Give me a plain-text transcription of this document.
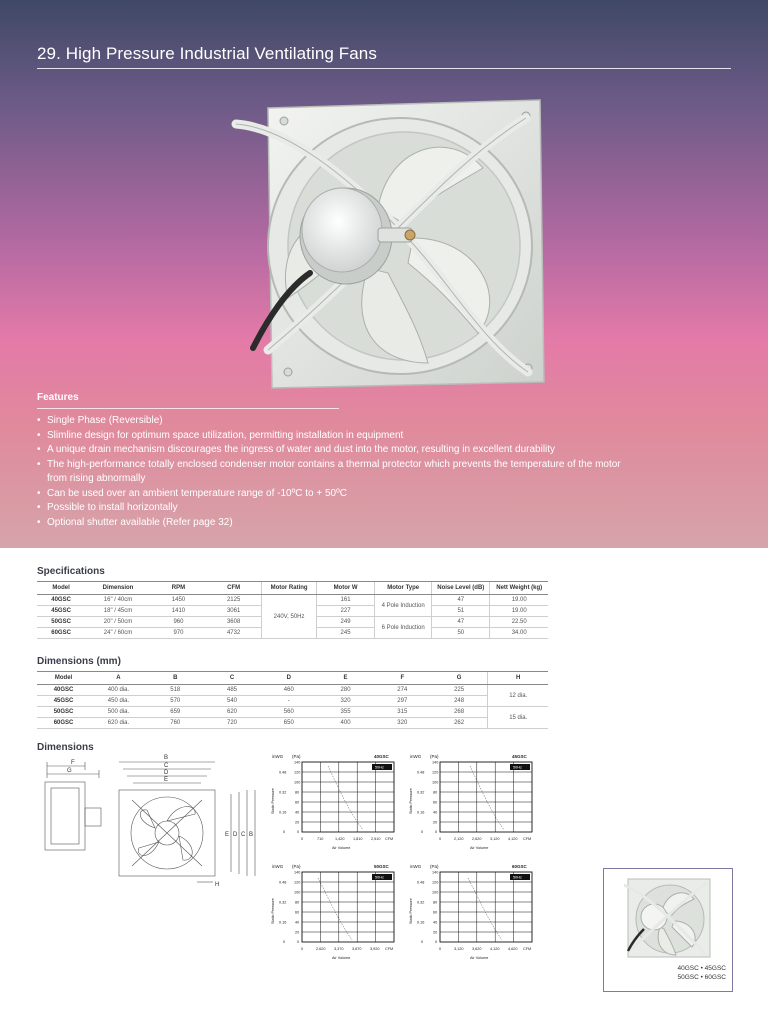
29. High Pressure Industrial Ventilating Fans
Features
• Single Phase (Reversible)
• Slimline design for optimum space utilization, permitting installation in equipment
• A unique drain mechanism discourages the ingress of water and dust into the motor, resulting in excellent durability
• The high-performance totally enclosed condenser motor contains a thermal protector which prevents the temperature of the motor from rising abnormally
• Can be used over an ambient temperature range of -10ºC to + 50ºC
• Possible to install horizontally
• Optional shutter available (Refer page 32)
Specifications
Model	Dimension	RPM	CFM	Motor Rating	Motor W	Motor Type	Noise Level (dB)	Nett Weight (kg)
40GSC	16" / 40cm	1450	2125	240V, 50Hz	161	4 Pole Induction	47	19.00
45GSC	18" / 45cm	1410	3061		227		51	19.00
50GSC	20" / 50cm	960	3608		249	6 Pole Induction	47	22.50
60GSC	24" / 60cm	970	4732		245		50	34.00
Dimensions (mm)
Model	A	B	C	D	E	F	G	H
40GSC	400 dia.	518	485	460	280	274	225	12 dia.
45GSC	450 dia.	570	540	-	320	297	248	
50GSC	500 dia.	659	620	560	355	315	268	15 dia.
60GSC	620 dia.	760	720	650	400	320	262	
Dimensions
F
G
B
C
D
E
E D C B
H
inWG (Pa)	40GSC
50Hz
140
120
100
80
60
40
20
0
0.48
0.32
0.16
0
0	710	1,420 1,810 2,510 CFM
Air Volume
Static Pressure
inWG (Pa)	45GSC
50Hz
140
120
100
80
60
40
20
0
0.48
0.32
0.16
0
0	2,120 2,620 3,120 4,120 CFM
Air Volume
Static Pressure
inWG (Pa)	50GSC
50Hz
140
120
100
80
60
40
20
0
0.48
0.32
0.16
0
0	2,620 3,370 3,670 3,920 CFM
Air Volume
Static Pressure
inWG (Pa)	60GSC
50Hz
140
120
100
80
60
40
20
0
0.48
0.32
0.16
0
0	3,120 3,620 4,120 4,620 CFM
Air Volume
Static Pressure
40GSC • 45GSC
50GSC • 60GSC
